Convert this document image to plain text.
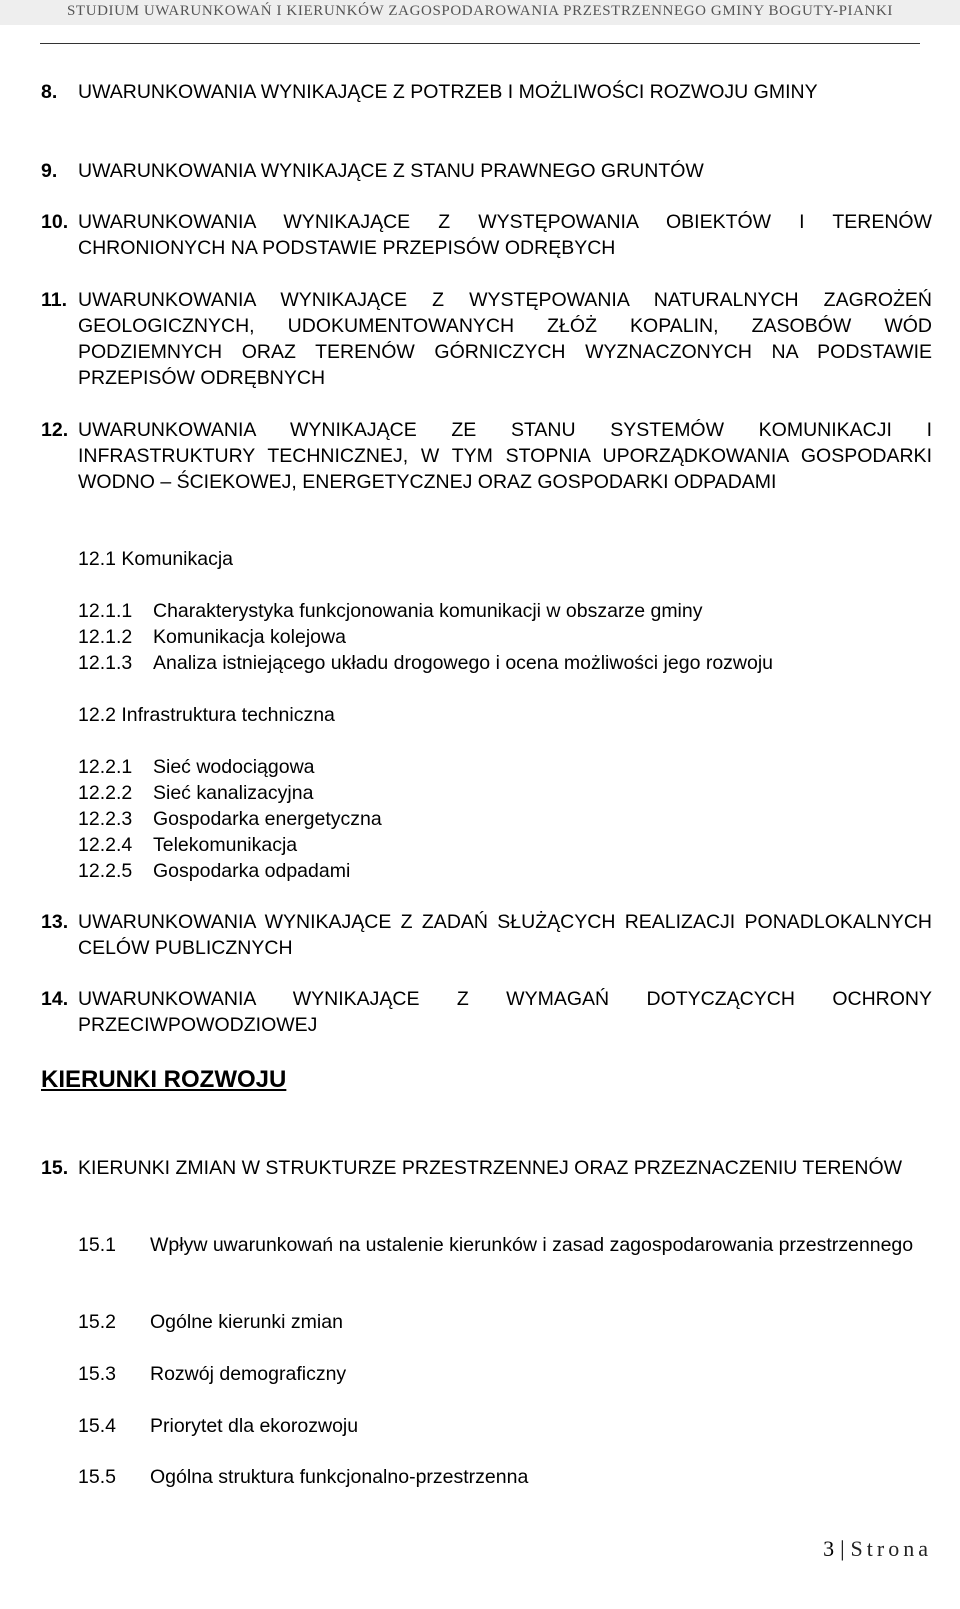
STUDIUM UWARUNKOWAŃ I KIERUNKÓW ZAGOSPODAROWANIA PRZESTRZENNEGO GMINY BOGUTY-PIANKI
8. UWARUNKOWANIA WYNIKAJĄCE Z POTRZEB I MOŻLIWOŚCI ROZWOJU GMINY
9. UWARUNKOWANIA WYNIKAJĄCE Z STANU PRAWNEGO GRUNTÓW
10. UWARUNKOWANIA WYNIKAJĄCE Z WYSTĘPOWANIA OBIEKTÓW I TERENÓW CHRONIONYCH NA PODSTAWIE PRZEPISÓW ODRĘBYCH
11. UWARUNKOWANIA WYNIKAJĄCE Z WYSTĘPOWANIA NATURALNYCH ZAGROŻEŃ GEOLOGICZNYCH, UDOKUMENTOWANYCH ZŁÓŻ KOPALIN, ZASOBÓW WÓD PODZIEMNYCH ORAZ TERENÓW GÓRNICZYCH WYZNACZONYCH NA PODSTAWIE PRZEPISÓW ODRĘBNYCH
12. UWARUNKOWANIA WYNIKAJĄCE ZE STANU SYSTEMÓW KOMUNIKACJI I INFRASTRUKTURY TECHNICZNEJ, W TYM STOPNIA UPORZĄDKOWANIA GOSPODARKI WODNO – ŚCIEKOWEJ, ENERGETYCZNEJ ORAZ GOSPODARKI ODPADAMI
12.1 Komunikacja
12.1.1 Charakterystyka funkcjonowania komunikacji w obszarze gminy
12.1.2 Komunikacja kolejowa
12.1.3 Analiza istniejącego układu drogowego i ocena możliwości jego rozwoju
12.2 Infrastruktura techniczna
12.2.1 Sieć wodociągowa
12.2.2 Sieć kanalizacyjna
12.2.3 Gospodarka energetyczna
12.2.4 Telekomunikacja
12.2.5 Gospodarka odpadami
13. UWARUNKOWANIA WYNIKAJĄCE Z ZADAŃ SŁUŻĄCYCH REALIZACJI PONADLOKALNYCH CELÓW PUBLICZNYCH
14. UWARUNKOWANIA WYNIKAJĄCE Z WYMAGAŃ DOTYCZĄCYCH OCHRONY PRZECIWPOWODZIOWEJ
KIERUNKI ROZWOJU
15. KIERUNKI ZMIAN W STRUKTURZE PRZESTRZENNEJ ORAZ PRZEZNACZENIU TERENÓW
15.1 Wpływ uwarunkowań na ustalenie kierunków i zasad zagospodarowania przestrzennego
15.2 Ogólne kierunki zmian
15.3 Rozwój demograficzny
15.4 Priorytet dla ekorozwoju
15.5 Ogólna struktura funkcjonalno-przestrzenna
3 | Strona
